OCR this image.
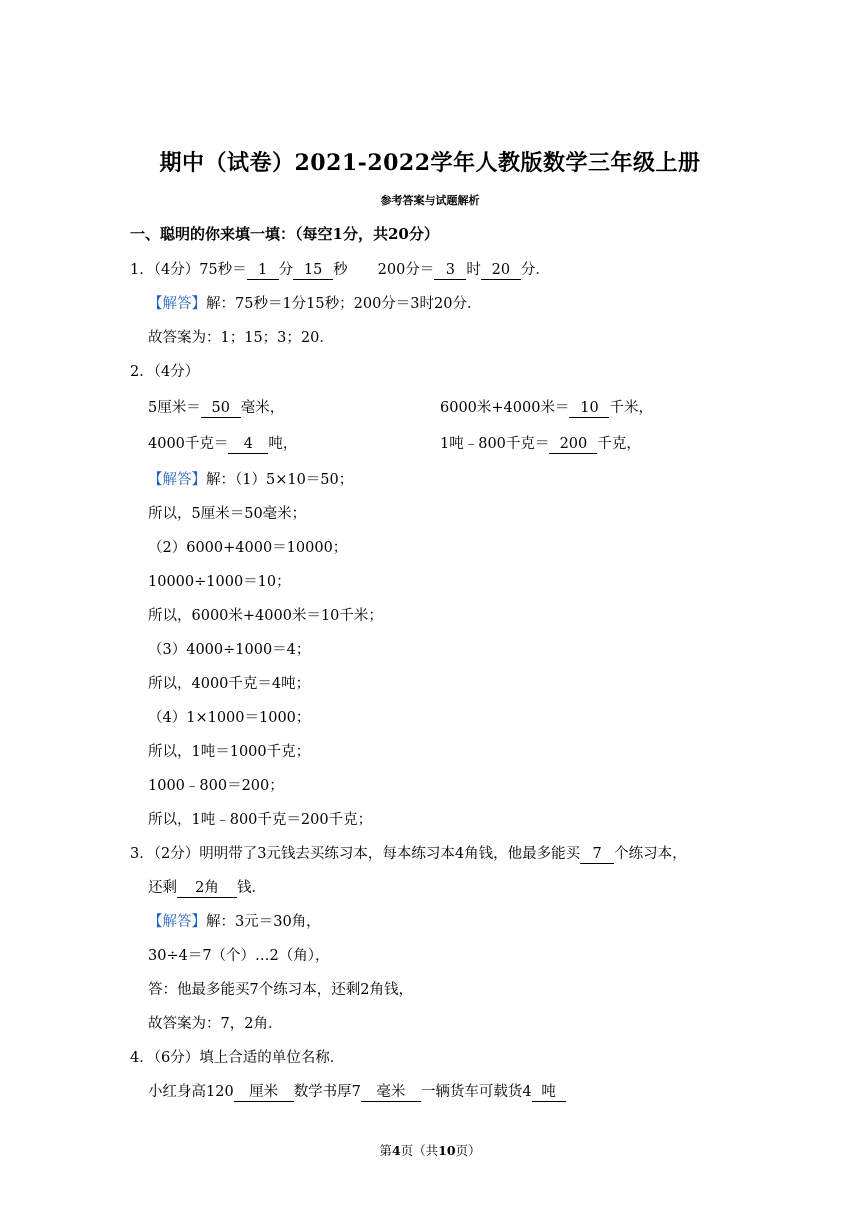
期中（试卷）2021-2022学年人教版数学三年级上册
参考答案与试题解析
一、聪明的你来填一填：（每空1分，共20分）
1．（4分）75秒＝ 1 分 15 秒 200分＝ 3 时 20 分．
【解答】解：75秒＝1分15秒；200分＝3时20分．
故答案为：1；15；3；20．
2．（4分）
5厘米＝ 50 毫米，	6000米+4000米＝ 10 千米，
4000千克＝ 4 吨，	1吨﹣800千克＝ 200 千克，
【解答】解：（1）5×10＝50；
所以，5厘米＝50毫米；
（2）6000+4000＝10000；
10000÷1000＝10；
所以，6000米+4000米＝10千米；
（3）4000÷1000＝4；
所以，4000千克＝4吨；
（4）1×1000＝1000；
所以，1吨＝1000千克；
1000﹣800＝200；
所以，1吨﹣800千克＝200千克；
3．（2分）明明带了3元钱去买练习本，每本练习本4角钱，他最多能买 7 个练习本，
还剩 2角 钱．
【解答】解：3元＝30角，
30÷4＝7（个）…2（角），
答：他最多能买7个练习本，还剩2角钱，
故答案为：7，2角．
4．（6分）填上合适的单位名称．
小红身高120 厘米 数学书厚7 毫米 一辆货车可载货4 吨
第4页（共10页）
